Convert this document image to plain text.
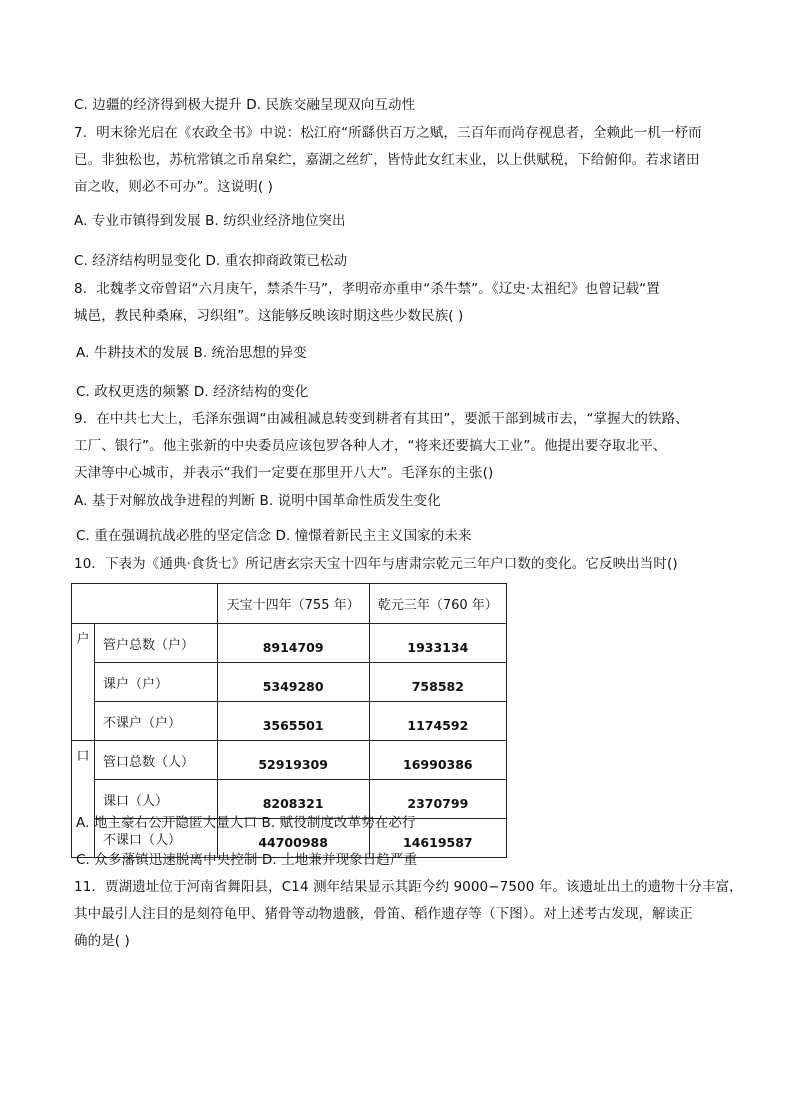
C. 边疆的经济得到极大提升 D. 民族交融呈现双向互动性
7．明末徐光启在《农政全书》中说：松江府“所繇供百万之赋，三百年而尚存视息者，全赖此一机一杼而
已。非独松也，苏杭常镇之币帛枲纻，嘉湖之丝纩，皆恃此女红末业，以上供赋税，下给俯仰。若求诸田
亩之收，则必不可办”。这说明( )
A. 专业市镇得到发展 B. 纺织业经济地位突出
C. 经济结构明显变化 D. 重农抑商政策已松动
8．北魏孝文帝曾诏“六月庚午，禁杀牛马”，孝明帝亦重申“杀牛禁”。《辽史·太祖纪》也曾记载“置
城邑，教民种桑麻，习织组”。这能够反映该时期这些少数民族( )
A. 牛耕技术的发展 B. 统治思想的异变
C. 政权更迭的频繁 D. 经济结构的变化
9．在中共七大上，毛泽东强调“由减租减息转变到耕者有其田”，要派干部到城市去，“掌握大的铁路、
工厂、银行”。他主张新的中央委员应该包罗各种人才，“将来还要搞大工业”。他提出要夺取北平、
天津等中心城市，并表示“我们一定要在那里开八大”。毛泽东的主张()
A. 基于对解放战争进程的判断 B. 说明中国革命性质发生变化
C. 重在强调抗战必胜的坚定信念 D. 憧憬着新民主主义国家的未来
10．下表为《通典·食货七》所记唐玄宗天宝十四年与唐肃宗乾元三年户口数的变化。它反映出当时()
		天宝十四年（755 年）	乾元三年（760 年）
户	管户总数（户）	8914709	1933134
	课户（户）	5349280	758582
	不课户（户）	3565501	1174592
口	管口总数（人）	52919309	16990386
	课口（人）	8208321	2370799
	不课口（人）	44700988	14619587
A. 地主豪右公开隐匿大量人口 B. 赋役制度改革势在必行
C. 众多藩镇迅速脱离中央控制 D. 土地兼并现象日趋严重
11．贾湖遗址位于河南省舞阳县，C14 测年结果显示其距今约 9000−7500 年。该遗址出土的遗物十分丰富，
其中最引人注目的是刻符龟甲、猪骨等动物遗骸，骨笛、稻作遗存等（下图）。对上述考古发现，解读正
确的是( )
